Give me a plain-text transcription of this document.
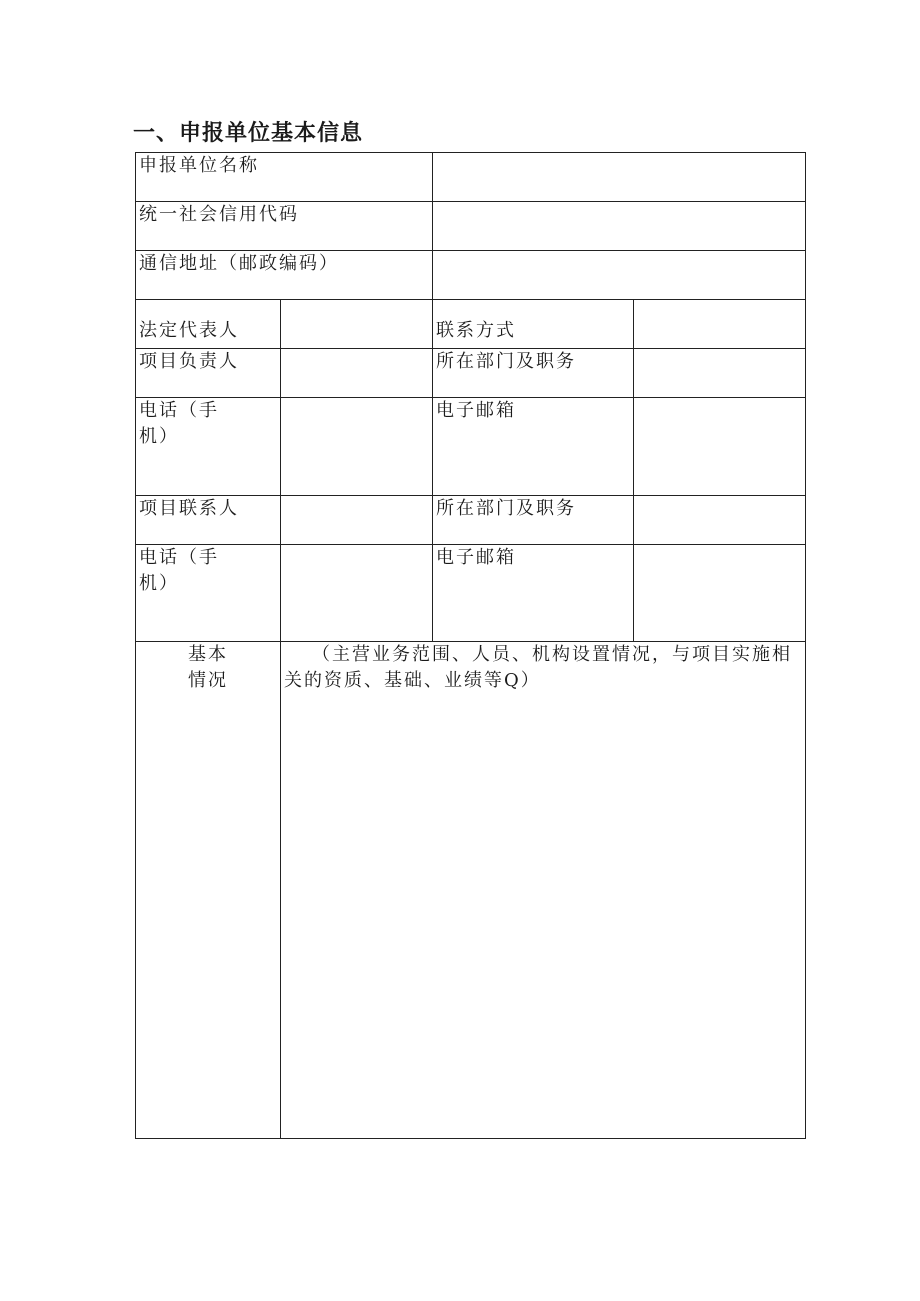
一、申报单位基本信息
申报单位名称			
统一社会信用代码			
通信地址（邮政编码）			
法定代表人		联系方式	
项目负责人		所在部门及职务	

电话（手
机）		电子邮箱	
项目联系人		所在部门及职务	

电话（手
机）		电子邮箱	

基本
情况	（主营业务范围、人员、机构设置情况，与项目实施相关的资质、基础、业绩等Q）		
